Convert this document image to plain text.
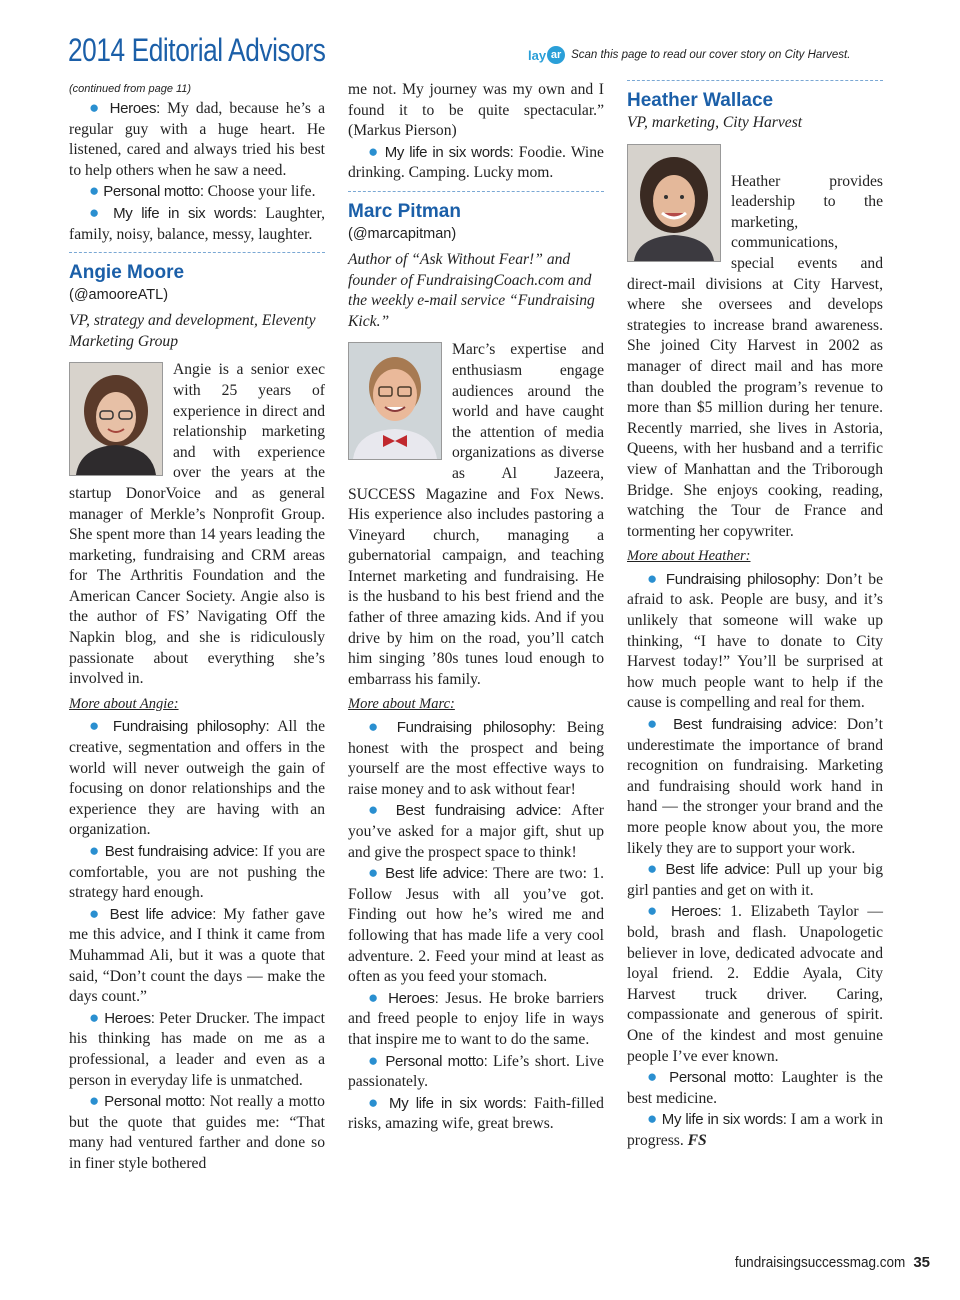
2014 Editorial Advisors	lay ar Scan this page to read our cover story on City Harvest.

(continued from page 11)

● Heroes: My dad, because he’s a regular guy with a huge heart. He listened, cared and always tried his best to help others when he saw a need.

● Personal motto: Choose your life.

● My life in six words: Laughter, family, noisy, balance, messy, laughter.

Angie Moore

(@amooreATL)

VP, strategy and development, Eleventy Marketing Group

Angie is a senior exec with 25 years of experience in direct and relationship marketing and with experience over the years at the startup DonorVoice and as general manager of Merkle’s Nonprofit Group. She spent more than 14 years leading the marketing, fundraising and CRM areas for The Arthritis Foundation and the American Cancer Society. Angie also is the author of FS’ Navigating Off the Napkin blog, and she is ridiculously passionate about everything she’s involved in.

More about Angie:

● Fundraising philosophy: All the creative, segmentation and offers in the world will never outweigh the gain of focusing on donor relationships and the experience they are having with an organization.

● Best fundraising advice: If you are comfortable, you are not pushing the strategy hard enough.

● Best life advice: My father gave me this advice, and I think it came from Muhammad Ali, but it was a quote that said, “Don’t count the days — make the days count.”

● Heroes: Peter Drucker. The impact his thinking has made on me as a professional, a leader and even as a person in everyday life is unmatched.

● Personal motto: Not really a motto but the quote that guides me: “That many had ventured farther and done so in finer style bothered

me not. My journey was my own and I found it to be quite spectacular.” (Markus Pierson)

● My life in six words: Foodie. Wine drinking. Camping. Lucky mom.

Marc Pitman

(@marcapitman)

Author of “Ask Without Fear!” and founder of FundraisingCoach.com and the weekly e-mail service “Fundraising Kick.”

Marc’s expertise and enthusiasm engage audiences around the world and have caught the attention of media organizations as diverse as Al Jazeera, SUCCESS Magazine and Fox News. His experience also includes pastoring a Vineyard church, managing a gubernatorial campaign, and teaching Internet marketing and fundraising. He is the husband to his best friend and the father of three amazing kids. And if you drive by him on the road, you’ll catch him singing ’80s tunes loud enough to embarrass his family.

More about Marc:

● Fundraising philosophy: Being honest with the prospect and being yourself are the most effective ways to raise money and to ask without fear!

● Best fundraising advice: After you’ve asked for a major gift, shut up and give the prospect space to think!

● Best life advice: There are two: 1. Follow Jesus with all you’ve got. Finding out how he’s wired me and following that has made life a very cool adventure. 2. Feed your mind at least as often as you feed your stomach.

● Heroes: Jesus. He broke barriers and freed people to enjoy life in ways that inspire me to want to do the same.

● Personal motto: Life’s short. Live passionately.

● My life in six words: Faith-filled risks, amazing wife, great brews.

Heather Wallace

VP, marketing, City Harvest

Heather provides leadership to the marketing, communications, special events and direct-mail divisions at City Harvest, where she oversees and develops strategies to increase brand awareness. She joined City Harvest in 2002 as manager of direct mail and has more than doubled the program’s revenue to more than $5 million during her tenure. Recently married, she lives in Astoria, Queens, with her husband and a terrific view of Manhattan and the Triborough Bridge. She enjoys cooking, reading, watching the Tour de France and tormenting her copywriter.

More about Heather:

● Fundraising philosophy: Don’t be afraid to ask. People are busy, and it’s unlikely that someone will wake up thinking, “I have to donate to City Harvest today!” You’ll be surprised at how much people want to help if the cause is compelling and real for them.

● Best fundraising advice: Don’t underestimate the importance of brand recognition on fundraising. Marketing and fundraising should work hand in hand — the stronger your brand and the more people know about you, the more likely they are to support your work.

● Best life advice: Pull up your big girl panties and get on with it.

● Heroes: 1. Elizabeth Taylor — bold, brash and flash. Unapologetic believer in love, dedicated advocate and loyal friend. 2. Eddie Ayala, City Harvest truck driver. Caring, compassionate and generous of spirit. One of the kindest and most genuine people I’ve ever known.

● Personal motto: Laughter is the best medicine.

● My life in six words: I am a work in progress. FS

fundraisingsuccessmag.com 35
